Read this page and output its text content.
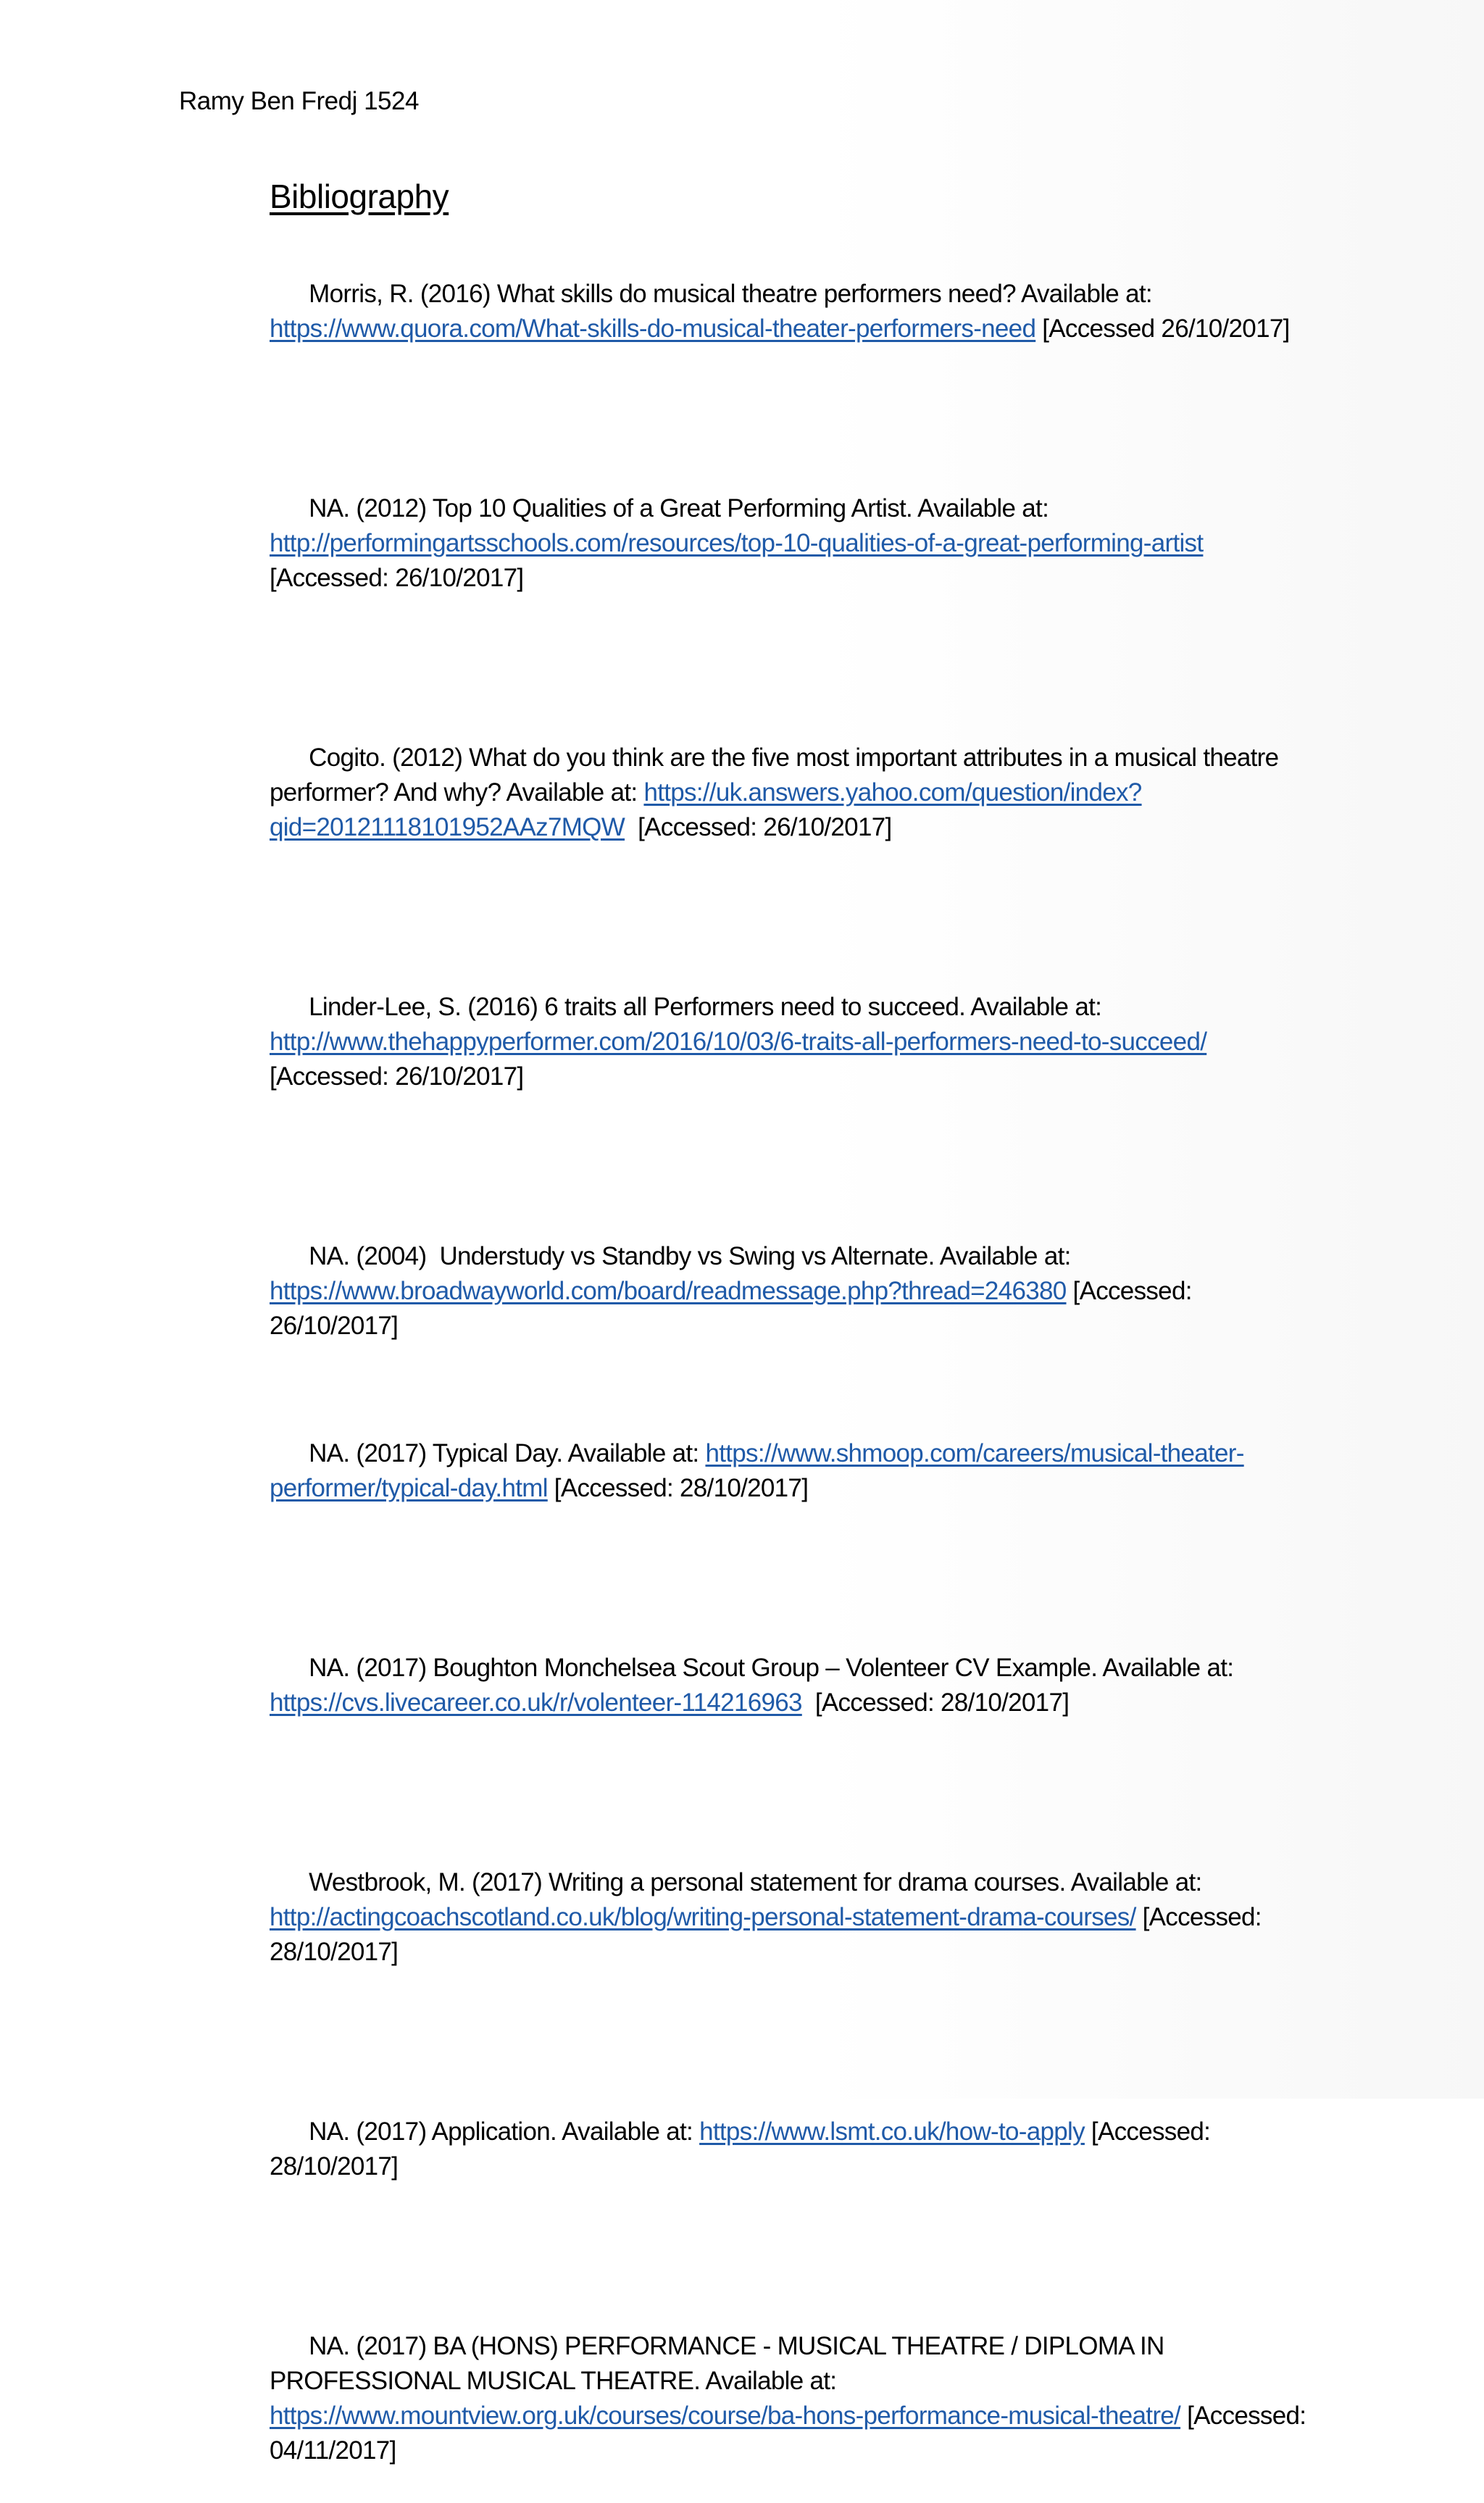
Ramy Ben Fredj 1524
Bibliography

Morris, R. (2016) What skills do musical theatre performers need? Available at: https://www.quora.com/What-skills-do-musical-theater-performers-need [Accessed 26/10/2017]

NA. (2012) Top 10 Qualities of a Great Performing Artist. Available at: http://performingartsschools.com/resources/top-10-qualities-of-a-great-performing-artist [Accessed: 26/10/2017]

Cogito. (2012) What do you think are the five most important attributes in a musical theatre performer? And why? Available at: https://uk.answers.yahoo.com/question/index?qid=20121118101952AAz7MQW  [Accessed: 26/10/2017]

Linder-Lee, S. (2016) 6 traits all Performers need to succeed. Available at: http://www.thehappyperformer.com/2016/10/03/6-traits-all-performers-need-to-succeed/ [Accessed: 26/10/2017]

NA. (2004)  Understudy vs Standby vs Swing vs Alternate. Available at: https://www.broadwayworld.com/board/readmessage.php?thread=246380 [Accessed: 26/10/2017]

NA. (2017) Typical Day. Available at: https://www.shmoop.com/careers/musical-theater-performer/typical-day.html [Accessed: 28/10/2017]

NA. (2017) Boughton Monchelsea Scout Group – Volenteer CV Example. Available at: https://cvs.livecareer.co.uk/r/volenteer-114216963  [Accessed: 28/10/2017]

Westbrook, M. (2017) Writing a personal statement for drama courses. Available at: http://actingcoachscotland.co.uk/blog/writing-personal-statement-drama-courses/ [Accessed: 28/10/2017]

NA. (2017) Application. Available at: https://www.lsmt.co.uk/how-to-apply [Accessed: 28/10/2017]

NA. (2017) BA (HONS) PERFORMANCE - MUSICAL THEATRE / DIPLOMA IN PROFESSIONAL MUSICAL THEATRE. Available at: https://www.mountview.org.uk/courses/course/ba-hons-performance-musical-theatre/ [Accessed: 04/11/2017]
